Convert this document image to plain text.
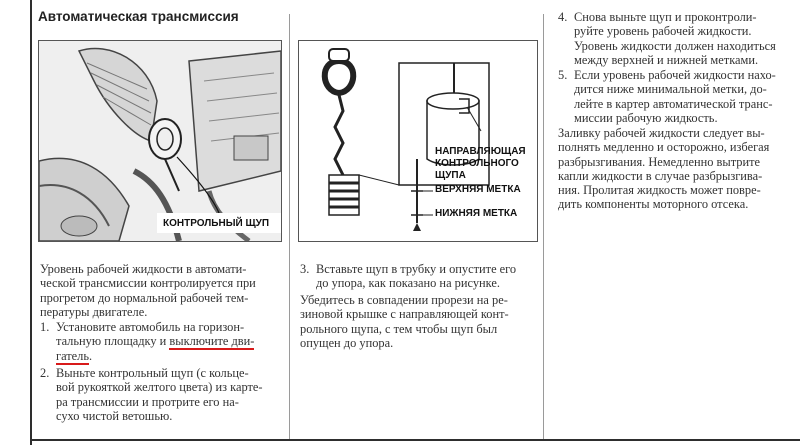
Автоматическая трансмиссия
КОНТРОЛЬНЫЙ ЩУП
Уровень рабочей жидкости в автомати-
ческой трансмиссии контролируется при
прогретом до нормальной рабочей тем-
пературы двигателе.
1. Установите автомобиль на горизон-
тальную площадку и выключите дви-
гатель.
2. Выньте контрольный щуп (с кольце-
вой рукояткой желтого цвета) из карте-
ра трансмиссии и протрите его на-
сухо чистой ветошью.
НАПРАВЛЯЮЩАЯ
КОНТРОЛЬНОГО
ЩУПА
ВЕРХНЯЯ МЕТКА
НИЖНЯЯ МЕТКА
3. Вставьте щуп в трубку и опустите его
до упора, как показано на рисунке.
Убедитесь в совпадении прорези на ре-
зиновой крышке с направляющей конт-
рольного щупа, с тем чтобы щуп был
опущен до упора.
4. Снова выньте щуп и проконтроли-
руйте уровень рабочей жидкости.
Уровень жидкости должен находиться
между верхней и нижней метками.
5. Если уровень рабочей жидкости нахо-
дится ниже минимальной метки, до-
лейте в картер автоматической транс-
миссии рабочую жидкость.
Заливку рабочей жидкости следует вы-
полнять медленно и осторожно, избегая
разбрызгивания. Немедленно вытрите
капли жидкости в случае разбрызгива-
ния. Пролитая жидкость может повре-
дить компоненты моторного отсека.
